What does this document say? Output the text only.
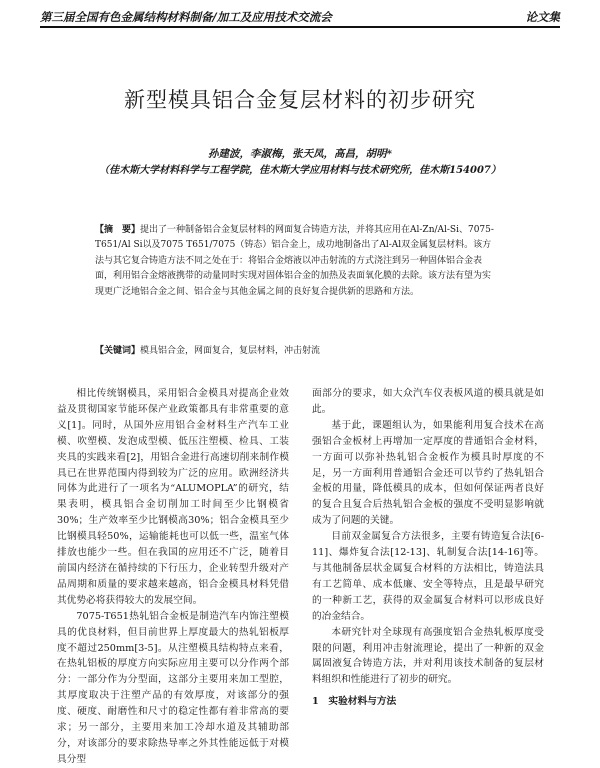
第三届全国有色金属结构材料制备/加工及应用技术交流会	论文集
新型模具铝合金复层材料的初步研究
孙建波，李淑梅，张天凤，高昌，胡明*
（佳木斯大学材料科学与工程学院，佳木斯大学应用材料与技术研究所，佳木斯154007）
【摘　要】提出了一种制备铝合金复层材料的网面复合铸造方法，并将其应用在Al-Zn/Al-Si、7075-T651/Al Si以及7075 T651/7075（铸态）铝合金上，成功地制备出了Al-Al双金属复层材料。该方法与其它复合铸造方法不同之处在于：将铝合金熔液以冲击射流的方式浇注到另一种固体铝合金表面，利用铝合金熔液携带的动量同时实现对固体铝合金的加热及表面氧化膜的去除。该方法有望为实现更广泛地铝合金之间、铝合金与其他金属之间的良好复合提供新的思路和方法。
【关键词】模具铝合金，网面复合，复层材料，冲击射流

相比传统钢模具，采用铝合金模具对提高企业效益及贯彻国家节能环保产业政策都具有非常重要的意义[1]。同时，从国外应用铝合金材料生产汽车工业模、吹塑模、发泡成型模、低压注塑模、检具、工装夹具的实践来看[2]，用铝合金进行高速切削来制作模具已在世界范围内得到较为广泛的应用。欧洲经济共同体为此进行了一项名为“ALUMOPLA”的研究，结果表明，模具铝合金切削加工时间至少比钢模省30%；生产效率至少比钢模高30%；铝合金模具至少比钢模具轻50%，运输能耗也可以低一些，温室气体排放也能少一些。但在我国的应用还不广泛，随着目前国内经济在循持续的下行压力，企业转型升级对产品周期和质量的要求越来越高，铝合金模具材料凭借其优势必将获得较大的发展空间。

7075-T651热轧铝合金板是制造汽车内饰注塑模具的优良材料，但目前世界上厚度最大的热轧铝板厚度不超过250mm[3-5]。从注塑模具结构特点来看，在热轧铝板的厚度方向实际应用主要可以分作两个部分：一部分作为分型面，这部分主要用来加工型腔，其厚度取决于注塑产品的有效厚度，对该部分的强度、硬度、耐磨性和尺寸的稳定性都有着非常高的要求；另一部分，主要用来加工冷却水道及其辅助部分，对该部分的要求除热导率之外其性能远低于对模具分型

面部分的要求，如大众汽车仪表板风道的模具就是如此。

基于此，课题组认为，如果能利用复合技术在高强铝合金板材上再增加一定厚度的普通铝合金材料，一方面可以弥补热轧铝合金板作为模具时厚度的不足，另一方面利用普通铝合金还可以节约了热轧铝合金板的用量，降低模具的成本，但如何保证两者良好的复合且复合后热轧铝合金板的强度不受明显影响就成为了问题的关键。

目前双金属复合方法很多，主要有铸造复合法[6-11]、爆炸复合法[12-13]、轧制复合法[14-16]等。与其他制备层状金属复合材料的方法相比，铸造法具有工艺简单、成本低廉、安全等特点，且是最早研究的一种新工艺，获得的双金属复合材料可以形成良好的冶金结合。

本研究针对全球现有高强度铝合金热轧板厚度受限的问题，利用冲击射流理论，提出了一种新的双金属固液复合铸造方法，并对利用该技术制备的复层材料组织和性能进行了初步的研究。

1　实验材料与方法
